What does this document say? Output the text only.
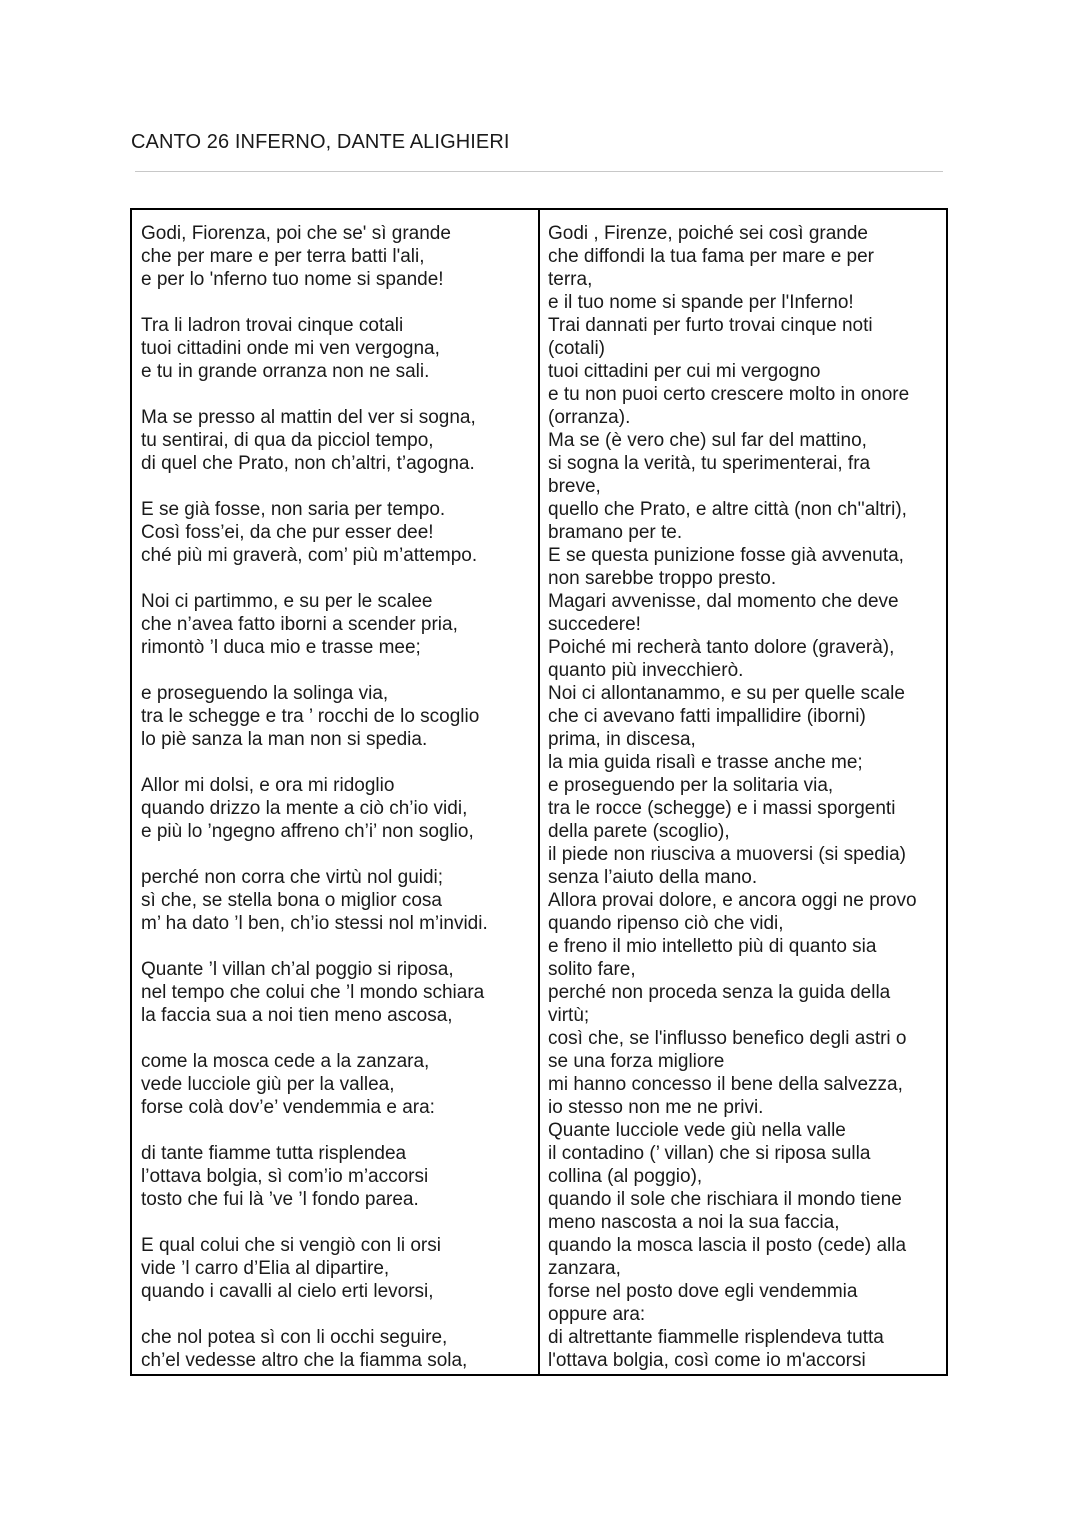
CANTO 26 INFERNO, DANTE ALIGHIERI
Godi, Fiorenza, poi che se' sì grande
che per mare e per terra batti l'ali,
e per lo 'nferno tuo nome si spande!
Tra li ladron trovai cinque cotali
tuoi cittadini onde mi ven vergogna,
e tu in grande orranza non ne sali.
Ma se presso al mattin del ver si sogna,
tu sentirai, di qua da picciol tempo,
di quel che Prato, non ch’altri, t’agogna.
E se già fosse, non saria per tempo.
Così foss’ei, da che pur esser dee!
ché più mi graverà, com’ più m’attempo.
Noi ci partimmo, e su per le scalee
che n’avea fatto iborni a scender pria,
rimontò ’l duca mio e trasse mee;
e proseguendo la solinga via,
tra le schegge e tra ’ rocchi de lo scoglio
lo piè sanza la man non si spedia.
Allor mi dolsi, e ora mi ridoglio
quando drizzo la mente a ciò ch’io vidi,
e più lo ’ngegno affreno ch’i’ non soglio,
perché non corra che virtù nol guidi;
sì che, se stella bona o miglior cosa
m’ ha dato ’l ben, ch’io stessi nol m’invidi.
Quante ’l villan ch’al poggio si riposa,
nel tempo che colui che ’l mondo schiara
la faccia sua a noi tien meno ascosa,
come la mosca cede a la zanzara,
vede lucciole giù per la vallea,
forse colà dov’e’ vendemmia e ara:
di tante fiamme tutta risplendea
l’ottava bolgia, sì com’io m’accorsi
tosto che fui là ’ve ’l fondo parea.
E qual colui che si vengiò con li orsi
vide ’l carro d’Elia al dipartire,
quando i cavalli al cielo erti levorsi,
che nol potea sì con li occhi seguire,
ch’el vedesse altro che la fiamma sola,
Godi , Firenze, poiché sei così grande
che diffondi la tua fama per mare e per
terra,
e il tuo nome si spande per l'Inferno!
Trai dannati per furto trovai cinque noti
(cotali)
tuoi cittadini per cui mi vergogno
e tu non puoi certo crescere molto in onore
(orranza).
Ma se (è vero che) sul far del mattino,
si sogna la verità, tu sperimenterai, fra
breve,
quello che Prato, e altre città (non ch''altri),
bramano per te.
E se questa punizione fosse già avvenuta,
non sarebbe troppo presto.
Magari avvenisse, dal momento che deve
succedere!
Poiché mi recherà tanto dolore (graverà),
quanto più invecchierò.
Noi ci allontanammo, e su per quelle scale
che ci avevano fatti impallidire (iborni)
prima, in discesa,
la mia guida risalì e trasse anche me;
e proseguendo per la solitaria via,
tra le rocce (schegge) e i massi sporgenti
della parete (scoglio),
il piede non riusciva a muoversi (si spedia)
senza l’aiuto della mano.
Allora provai dolore, e ancora oggi ne provo
quando ripenso ciò che vidi,
e freno il mio intelletto più di quanto sia
solito fare,
perché non proceda senza la guida della
virtù;
così che, se l'influsso benefico degli astri o
se una forza migliore
mi hanno concesso il bene della salvezza,
io stesso non me ne privi.
Quante lucciole vede giù nella valle
il contadino (’ villan) che si riposa sulla
collina (al poggio),
quando il sole che rischiara il mondo tiene
meno nascosta a noi la sua faccia,
quando la mosca lascia il posto (cede) alla
zanzara,
forse nel posto dove egli vendemmia
oppure ara:
di altrettante fiammelle risplendeva tutta
l'ottava bolgia, così come io m'accorsi
